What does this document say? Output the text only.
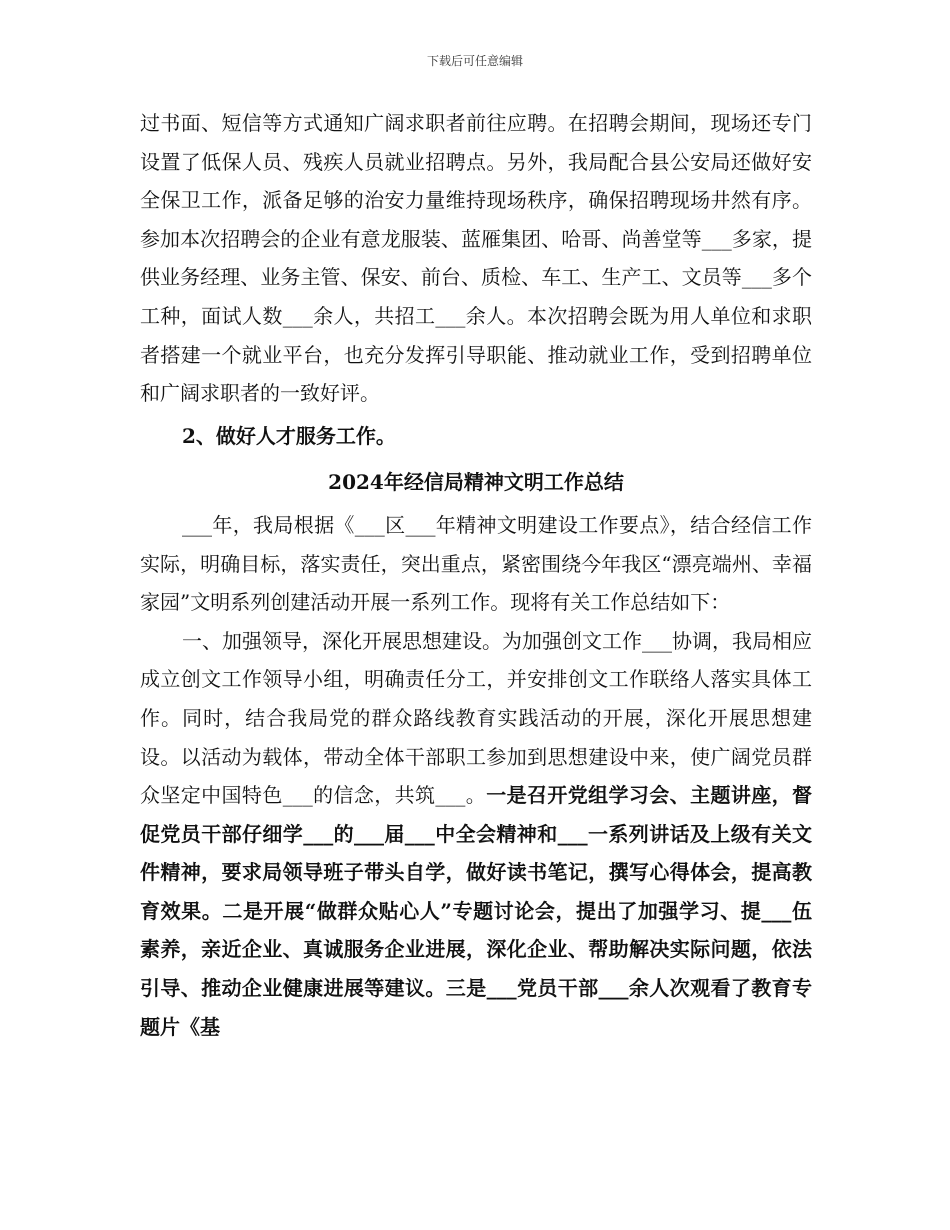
下载后可任意编辑

过书面、短信等方式通知广阔求职者前往应聘。在招聘会期间，现场还专门设置了低保人员、残疾人员就业招聘点。另外，我局配合县公安局还做好安全保卫工作，派备足够的治安力量维持现场秩序，确保招聘现场井然有序。参加本次招聘会的企业有意龙服装、蓝雁集团、哈哥、尚善堂等___多家，提供业务经理、业务主管、保安、前台、质检、车工、生产工、文员等___多个工种，面试人数___余人，共招工___余人。本次招聘会既为用人单位和求职者搭建一个就业平台，也充分发挥引导职能、推动就业工作，受到招聘单位和广阔求职者的一致好评。

2、做好人才服务工作。

2024年经信局精神文明工作总结

___年，我局根据《___区___年精神文明建设工作要点》，结合经信工作实际，明确目标，落实责任，突出重点，紧密围绕今年我区“漂亮端州、幸福家园”文明系列创建活动开展一系列工作。现将有关工作总结如下：

一、加强领导，深化开展思想建设。为加强创文工作___协调，我局相应成立创文工作领导小组，明确责任分工，并安排创文工作联络人落实具体工作。同时，结合我局党的群众路线教育实践活动的开展，深化开展思想建设。以活动为载体，带动全体干部职工参加到思想建设中来，使广阔党员群众坚定中国特色___的信念，共筑___。一是召开党组学习会、主题讲座，督促党员干部仔细学___的___届___中全会精神和___一系列讲话及上级有关文件精神，要求局领导班子带头自学，做好读书笔记，撰写心得体会，提高教育效果。二是开展“做群众贴心人”专题讨论会，提出了加强学习、提___伍素养，亲近企业、真诚服务企业进展，深化企业、帮助解决实际问题，依法引导、推动企业健康进展等建议。三是___党员干部___余人次观看了教育专题片《基
